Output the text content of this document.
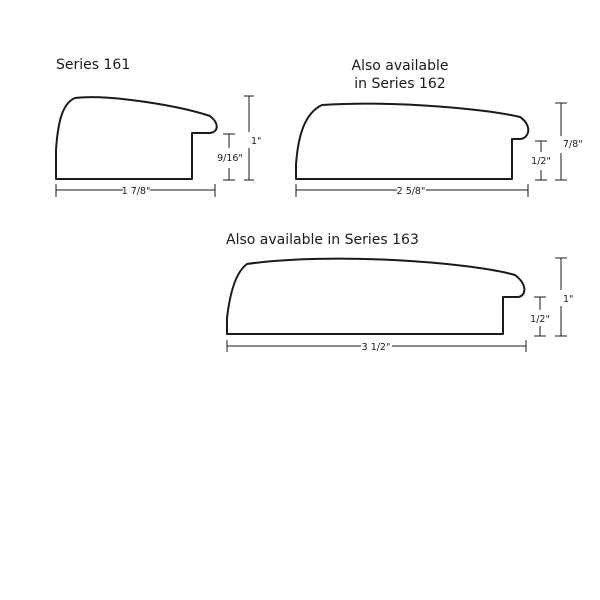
Series 161
1 7/8"
1"
9/16"
Also available
in Series 162
2 5/8"
7/8"
1/2"
Also available in Series 163
3 1/2"
1"
1/2"
